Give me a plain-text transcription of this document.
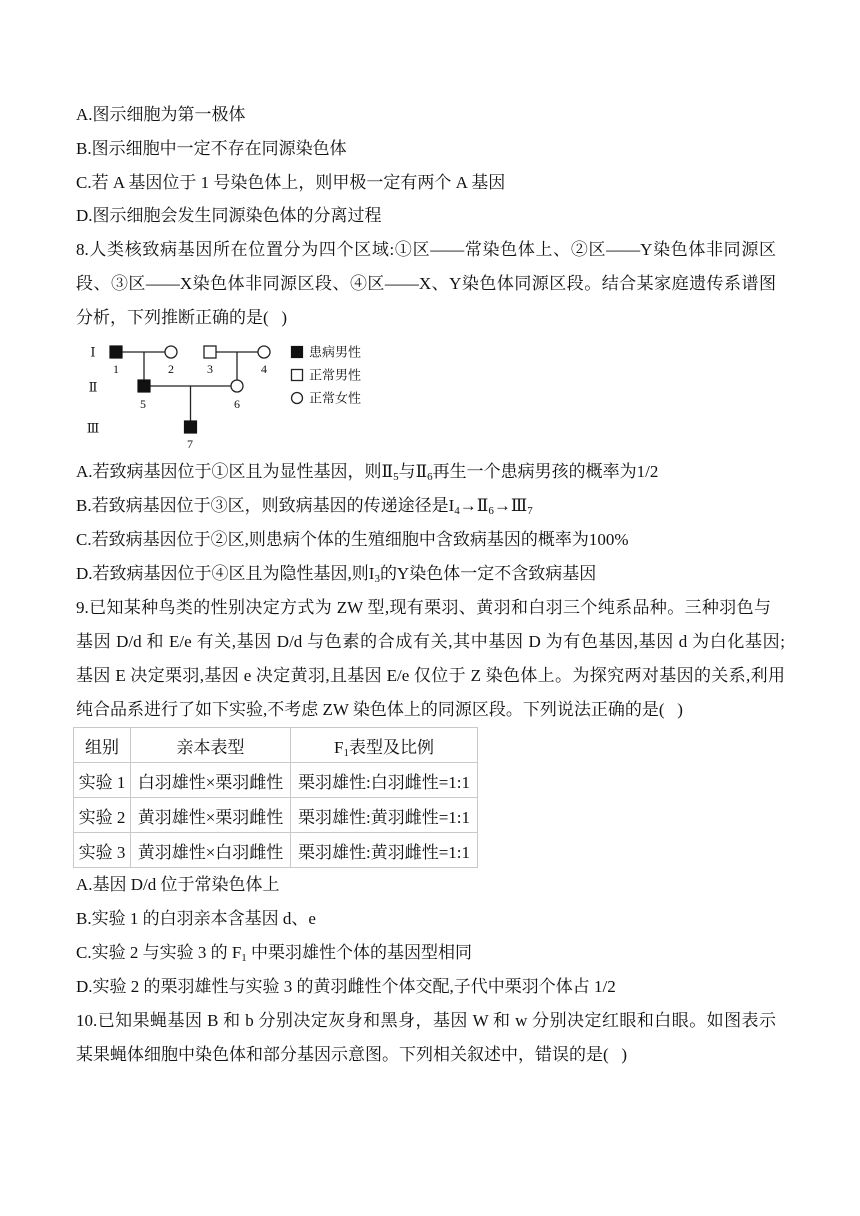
A.图示细胞为第一极体
B.图示细胞中一定不存在同源染色体
C.若 A 基因位于 1 号染色体上，则甲极一定有两个 A 基因
D.图示细胞会发生同源染色体的分离过程
8.人类核致病基因所在位置分为四个区域:①区——常染色体上、②区——Y染色体非同源区
段、③区——X染色体非同源区段、④区——X、Y染色体同源区段。结合某家庭遗传系谱图
分析，下列推断正确的是(   )
Ⅰ
Ⅱ
Ⅲ
1	2	3	4
5	6
7
患病男性
正常男性
正常女性
A.若致病基因位于①区且为显性基因，则$Ⅱ_5$与$Ⅱ_6$再生一个患病男孩的概率为1/2
B.若致病基因位于③区，则致病基因的传递途径是$I_4\to Ⅱ_6\to Ⅲ_7$
C.若致病基因位于②区,则患病个体的生殖细胞中含致病基因的概率为100%
D.若致病基因位于④区且为隐性基因,则$I_3$的Y染色体一定不含致病基因
9.已知某种鸟类的性别决定方式为 ZW 型,现有栗羽、黄羽和白羽三个纯系品种。三种羽色与
基因 D/d 和 E/e 有关,基因 D/d 与色素的合成有关,其中基因 D 为有色基因,基因 d 为白化基因;
基因 E 决定栗羽,基因 e 决定黄羽,且基因 E/e 仅位于 Z 染色体上。为探究两对基因的关系,利用
纯合品系进行了如下实验,不考虑 ZW 染色体上的同源区段。下列说法正确的是(   )
组别	亲本表型	$F_1$表型及比例
实验 1	白羽雄性×栗羽雌性	栗羽雄性:白羽雌性=1:1
实验 2	黄羽雄性×栗羽雌性	栗羽雄性:黄羽雌性=1:1
实验 3	黄羽雄性×白羽雌性	栗羽雄性:黄羽雌性=1:1
A.基因 D/d 位于常染色体上
B.实验 1 的白羽亲本含基因 d、e
C.实验 2 与实验 3 的 $F_1$ 中栗羽雄性个体的基因型相同
D.实验 2 的栗羽雄性与实验 3 的黄羽雌性个体交配,子代中栗羽个体占 1/2
10.已知果蝇基因 B 和 b 分别决定灰身和黑身，基因 W 和 w 分别决定红眼和白眼。如图表示
某果蝇体细胞中染色体和部分基因示意图。下列相关叙述中，错误的是(   )
